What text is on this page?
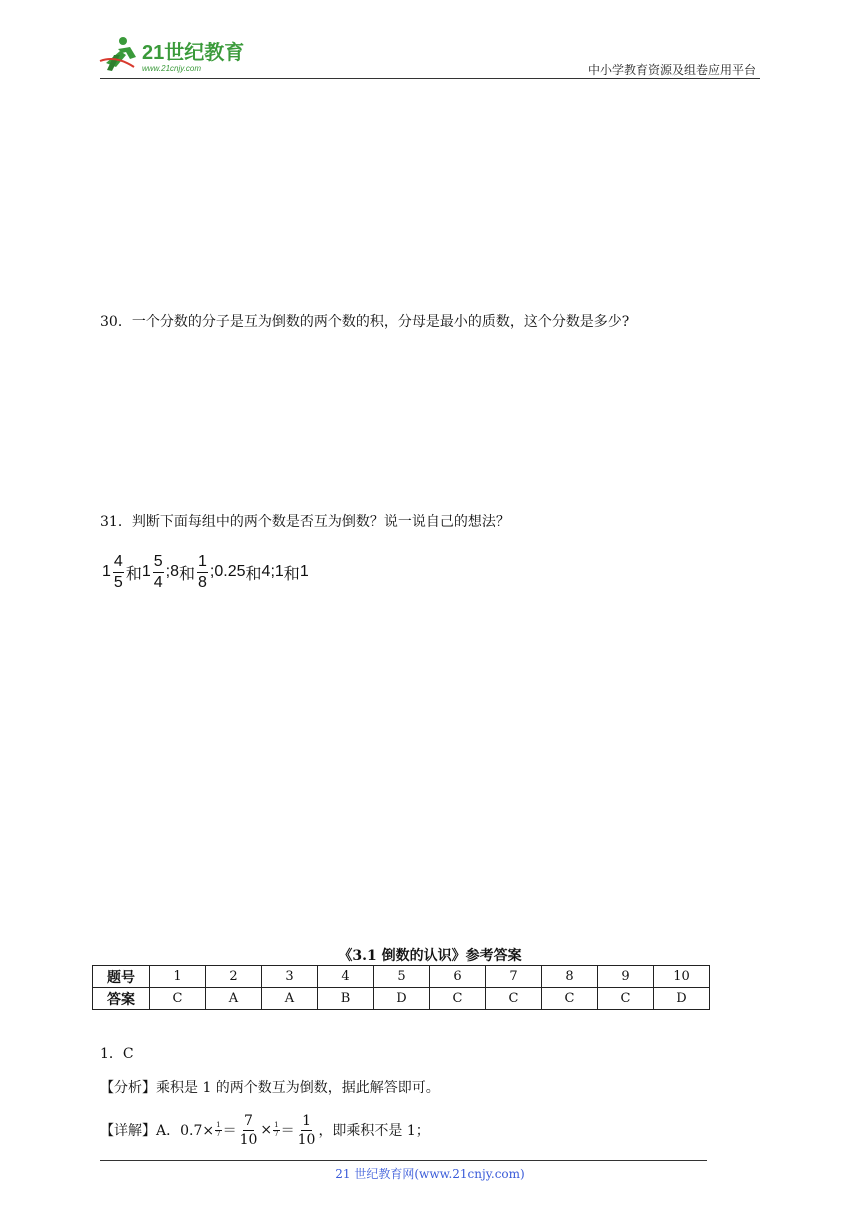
21世纪教育
www.21cnjy.com	中小学教育资源及组卷应用平台
30．一个分数的分子是互为倒数的两个数的积，分母是最小的质数，这个分数是多少?
31．判断下面每组中的两个数是否互为倒数？说一说自己的想法？
$1 \frac{4}{5}$ 和 $1 \frac{5}{4}$ ; 8 和 $\frac{1}{8}$ ; 0.25 和 4 ; 1 和 1
《3.1 倒数的认识》参考答案
题号	1	2	3	4	5	6	7	8	9	10
答案	C	A	A	B	D	C	C	C	C	D
1．C
【分析】乘积是 1 的两个数互为倒数，据此解答即可。
【详解】A．$0.7\times \frac{1}{7} = \frac{7}{10} \times \frac{1}{7} = \frac{1}{10}$ ，即乘积不是 1；
21 世纪教育网(www.21cnjy.com)
